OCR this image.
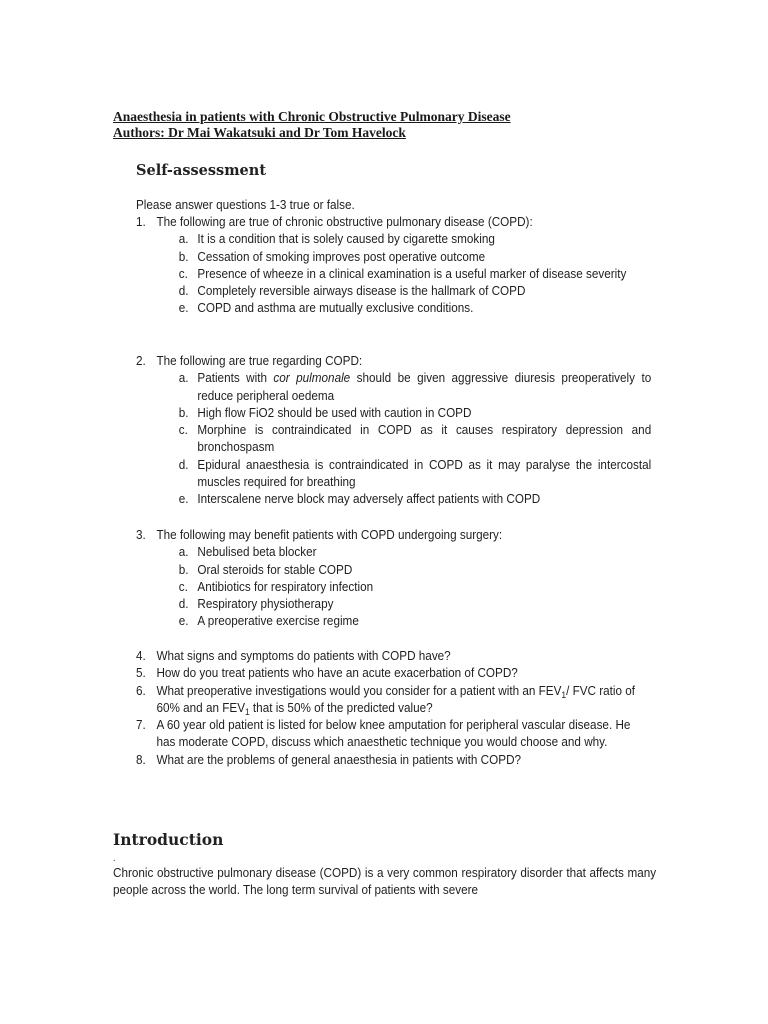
Anaesthesia in patients with Chronic Obstructive Pulmonary Disease
Authors: Dr Mai Wakatsuki and Dr Tom Havelock
Self-assessment
Please answer questions 1-3 true or false.
1. The following are true of chronic obstructive pulmonary disease (COPD):
a. It is a condition that is solely caused by cigarette smoking
b. Cessation of smoking improves post operative outcome
c. Presence of wheeze in a clinical examination is a useful marker of disease severity
d. Completely reversible airways disease is the hallmark of COPD
e. COPD and asthma are mutually exclusive conditions.
2. The following are true regarding COPD:
a. Patients with cor pulmonale should be given aggressive diuresis preoperatively to reduce peripheral oedema
b. High flow FiO2 should be used with caution in COPD
c. Morphine is contraindicated in COPD as it causes respiratory depression and bronchospasm
d. Epidural anaesthesia is contraindicated in COPD as it may paralyse the intercostal muscles required for breathing
e. Interscalene nerve block may adversely affect patients with COPD
3. The following may benefit patients with COPD undergoing surgery:
a. Nebulised beta blocker
b. Oral steroids for stable COPD
c. Antibiotics for respiratory infection
d. Respiratory physiotherapy
e. A preoperative exercise regime
4. What signs and symptoms do patients with COPD have?
5. How do you treat patients who have an acute exacerbation of COPD?
6. What preoperative investigations would you consider for a patient with an $FEV_1/$ FVC ratio of 60% and an $FEV_1$ that is 50% of the predicted value?
7. A 60 year old patient is listed for below knee amputation for peripheral vascular disease. He has moderate COPD, discuss which anaesthetic technique you would choose and why.
8. What are the problems of general anaesthesia in patients with COPD?
Introduction
.
Chronic obstructive pulmonary disease (COPD) is a very common respiratory disorder that affects many people across the world. The long term survival of patients with severe
